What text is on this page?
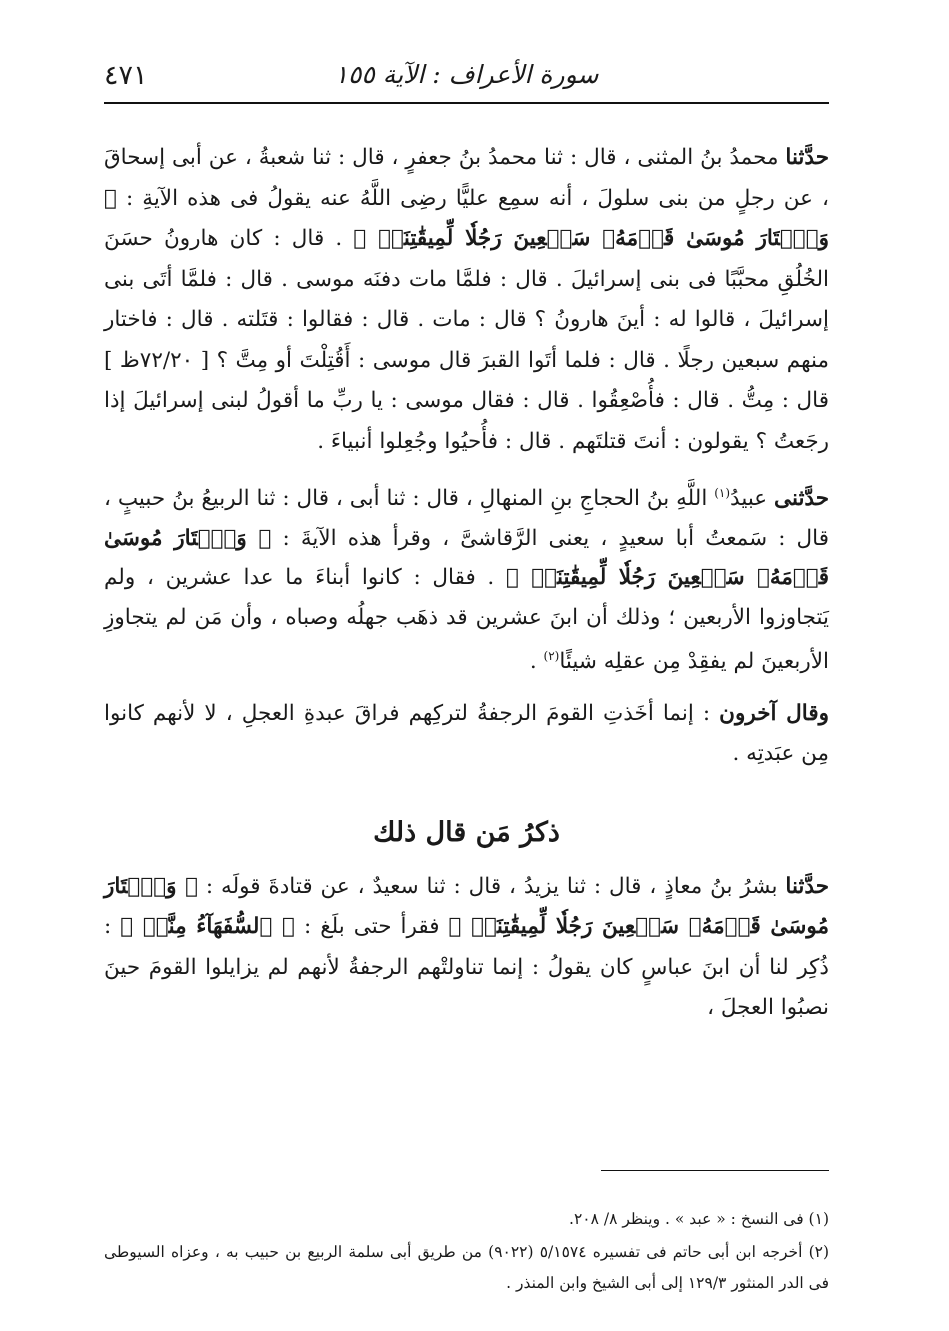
سورة الأعراف : الآية ١٥٥
٤٧١

حدَّثنا محمدُ بنُ المثنى ، قال : ثنا محمدُ بنُ جعفرٍ ، قال : ثنا شعبةُ ، عن أبى إسحاقَ ، عن رجلٍ من بنى سلولَ ، أنه سمِع عليًّا رضِى اللَّهُ عنه يقولُ فى هذه الآيةِ : ﴿ وَٱخۡتَارَ مُوسَىٰ قَوۡمَهُۥ سَبۡعِينَ رَجُلٗا لِّمِيقَٰتِنَاۖ ﴾ . قال : كان هارونُ حسَنَ الخُلُقِ محبَّبًا فى بنى إسرائيلَ . قال : فلمَّا مات دفنَه موسى . قال : فلمَّا أتَى بنى إسرائيلَ ، قالوا له : أينَ هارونُ ؟ قال : مات . قال : فقالوا : قتَلته . قال : فاختار منهم سبعين رجلًا . قال : فلما أتَوا القبرَ قال موسى : أَقُتِلْتَ أو مِتَّ ؟ [ ٧٢/٢٠ظ ] قال : مِتُّ . قال : فأُصْعِقُوا . قال : فقال موسى : يا ربِّ ما أقولُ لبنى إسرائيلَ إذا رجَعتُ ؟ يقولون : أنتَ قتلتَهم . قال : فأُحيُوا وجُعِلوا أنبياءَ .

حدَّثنى عبيدُ$^{(١)}$ اللَّهِ بنُ الحجاجِ بنِ المنهالِ ، قال : ثنا أبى ، قال : ثنا الربيعُ بنُ حبيبٍ ، قال : سَمعتُ أبا سعيدٍ ، يعنى الرَّقاشىَّ ، وقرأ هذه الآيةَ : ﴿ وَٱخۡتَارَ مُوسَىٰ قَوۡمَهُۥ سَبۡعِينَ رَجُلٗا لِّمِيقَٰتِنَاۖ ﴾ . فقال : كانوا أبناءَ ما عدا عشرين ، ولم يَتجاوزوا الأربعين ؛ وذلك أن ابنَ عشرين قد ذهَب جهلُه وصباه ، وأن مَن لم يتجاوزِ الأربعينَ لم يفقِدْ مِن عقلِه شيئًا$^{(٢)}$ .

وقال آخرون : إنما أخَذتِ القومَ الرجفةُ لتركِهم فراقَ عبدةِ العجلِ ، لا لأنهم كانوا مِن عبَدتِه .

ذكرُ مَن قال ذلك

حدَّثنا بشرُ بنُ معاذٍ ، قال : ثنا يزيدُ ، قال : ثنا سعيدٌ ، عن قتادةَ قولَه : ﴿ وَٱخۡتَارَ مُوسَىٰ قَوۡمَهُۥ سَبۡعِينَ رَجُلٗا لِّمِيقَٰتِنَاۖ ﴾ فقرأ حتى بلَغ : ﴿ ٱلسُّفَهَآءُ مِنَّآۖ ﴾ : ذُكِر لنا أن ابنَ عباسٍ كان يقولُ : إنما تناولتْهم الرجفةُ لأنهم لم يزايلوا القومَ حينَ نصبُوا العجلَ ،

(١) فى النسخ : « عبد » . وينظر ٨/ ٢٠٨.

(٢) أخرجه ابن أبى حاتم فى تفسيره ٥/١٥٧٤ (٩٠٢٢) من طريق أبى سلمة الربيع بن حبيب به ، وعزاه السيوطى فى الدر المنثور ١٢٩/٣ إلى أبى الشيخ وابن المنذر .
